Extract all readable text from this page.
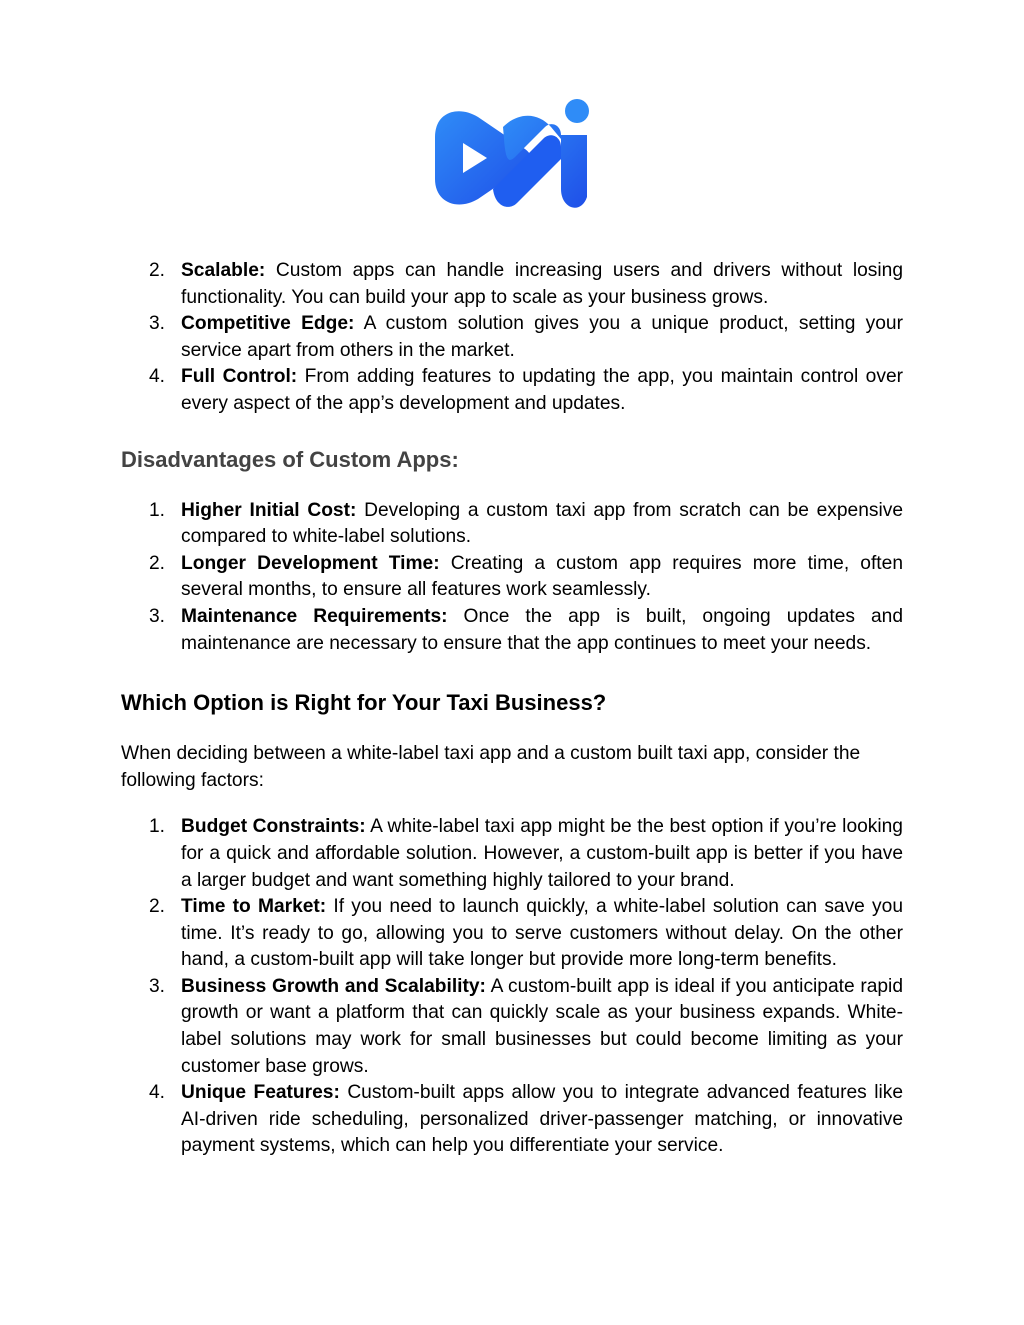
2. Scalable: Custom apps can handle increasing users and drivers without losing functionality. You can build your app to scale as your business grows.
3. Competitive Edge: A custom solution gives you a unique product, setting your service apart from others in the market.
4. Full Control: From adding features to updating the app, you maintain control over every aspect of the app’s development and updates.
Disadvantages of Custom Apps:
1. Higher Initial Cost: Developing a custom taxi app from scratch can be expensive compared to white-label solutions.
2. Longer Development Time: Creating a custom app requires more time, often several months, to ensure all features work seamlessly.
3. Maintenance Requirements: Once the app is built, ongoing updates and maintenance are necessary to ensure that the app continues to meet your needs.
Which Option is Right for Your Taxi Business?

When deciding between a white-label taxi app and a custom built taxi app, consider the following factors:

1. Budget Constraints: A white-label taxi app might be the best option if you’re looking for a quick and affordable solution. However, a custom-built app is better if you have a larger budget and want something highly tailored to your brand.
2. Time to Market: If you need to launch quickly, a white-label solution can save you time. It’s ready to go, allowing you to serve customers without delay. On the other hand, a custom-built app will take longer but provide more long-term benefits.
3. Business Growth and Scalability: A custom-built app is ideal if you anticipate rapid growth or want a platform that can quickly scale as your business expands. White-label solutions may work for small businesses but could become limiting as your customer base grows.
4. Unique Features: Custom-built apps allow you to integrate advanced features like AI-driven ride scheduling, personalized driver-passenger matching, or innovative payment systems, which can help you differentiate your service.
